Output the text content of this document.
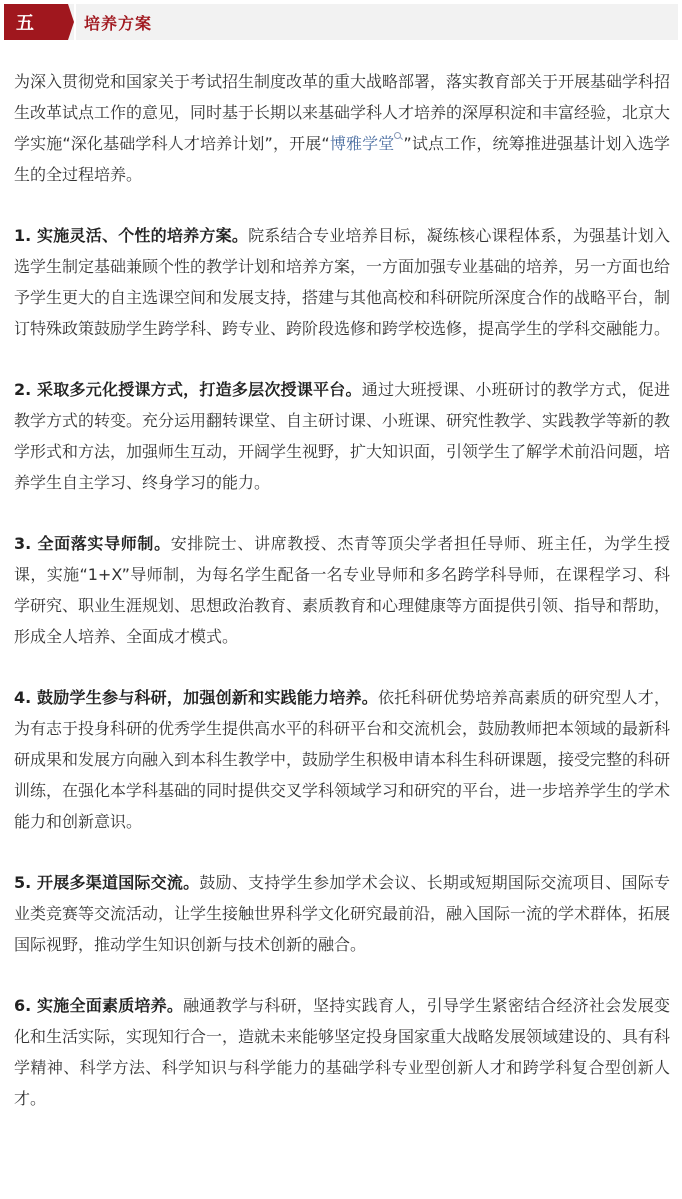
五	培养方案

为深入贯彻党和国家关于考试招生制度改革的重大战略部署，落实教育部关于开展基础学科招生改革试点工作的意见，同时基于长期以来基础学科人才培养的深厚积淀和丰富经验，北京大学实施“深化基础学科人才培养计划”，开展“博雅学堂 ”试点工作，统筹推进强基计划入选学生的全过程培养。

1. 实施灵活、个性的培养方案。院系结合专业培养目标，凝练核心课程体系，为强基计划入选学生制定基础兼顾个性的教学计划和培养方案，一方面加强专业基础的培养，另一方面也给予学生更大的自主选课空间和发展支持，搭建与其他高校和科研院所深度合作的战略平台，制订特殊政策鼓励学生跨学科、跨专业、跨阶段选修和跨学校选修，提高学生的学科交融能力。

2. 采取多元化授课方式，打造多层次授课平台。通过大班授课、小班研讨的教学方式，促进教学方式的转变。充分运用翻转课堂、自主研讨课、小班课、研究性教学、实践教学等新的教学形式和方法，加强师生互动，开阔学生视野，扩大知识面，引领学生了解学术前沿问题，培养学生自主学习、终身学习的能力。

3. 全面落实导师制。安排院士、讲席教授、杰青等顶尖学者担任导师、班主任，为学生授课，实施“1+X”导师制，为每名学生配备一名专业导师和多名跨学科导师，在课程学习、科学研究、职业生涯规划、思想政治教育、素质教育和心理健康等方面提供引领、指导和帮助，形成全人培养、全面成才模式。

4. 鼓励学生参与科研，加强创新和实践能力培养。依托科研优势培养高素质的研究型人才，为有志于投身科研的优秀学生提供高水平的科研平台和交流机会，鼓励教师把本领域的最新科研成果和发展方向融入到本科生教学中，鼓励学生积极申请本科生科研课题，接受完整的科研训练，在强化本学科基础的同时提供交叉学科领域学习和研究的平台，进一步培养学生的学术能力和创新意识。

5. 开展多渠道国际交流。鼓励、支持学生参加学术会议、长期或短期国际交流项目、国际专业类竞赛等交流活动，让学生接触世界科学文化研究最前沿，融入国际一流的学术群体，拓展国际视野，推动学生知识创新与技术创新的融合。

6. 实施全面素质培养。融通教学与科研，坚持实践育人，引导学生紧密结合经济社会发展变化和生活实际，实现知行合一，造就未来能够坚定投身国家重大战略发展领域建设的、具有科学精神、科学方法、科学知识与科学能力的基础学科专业型创新人才和跨学科复合型创新人才。
